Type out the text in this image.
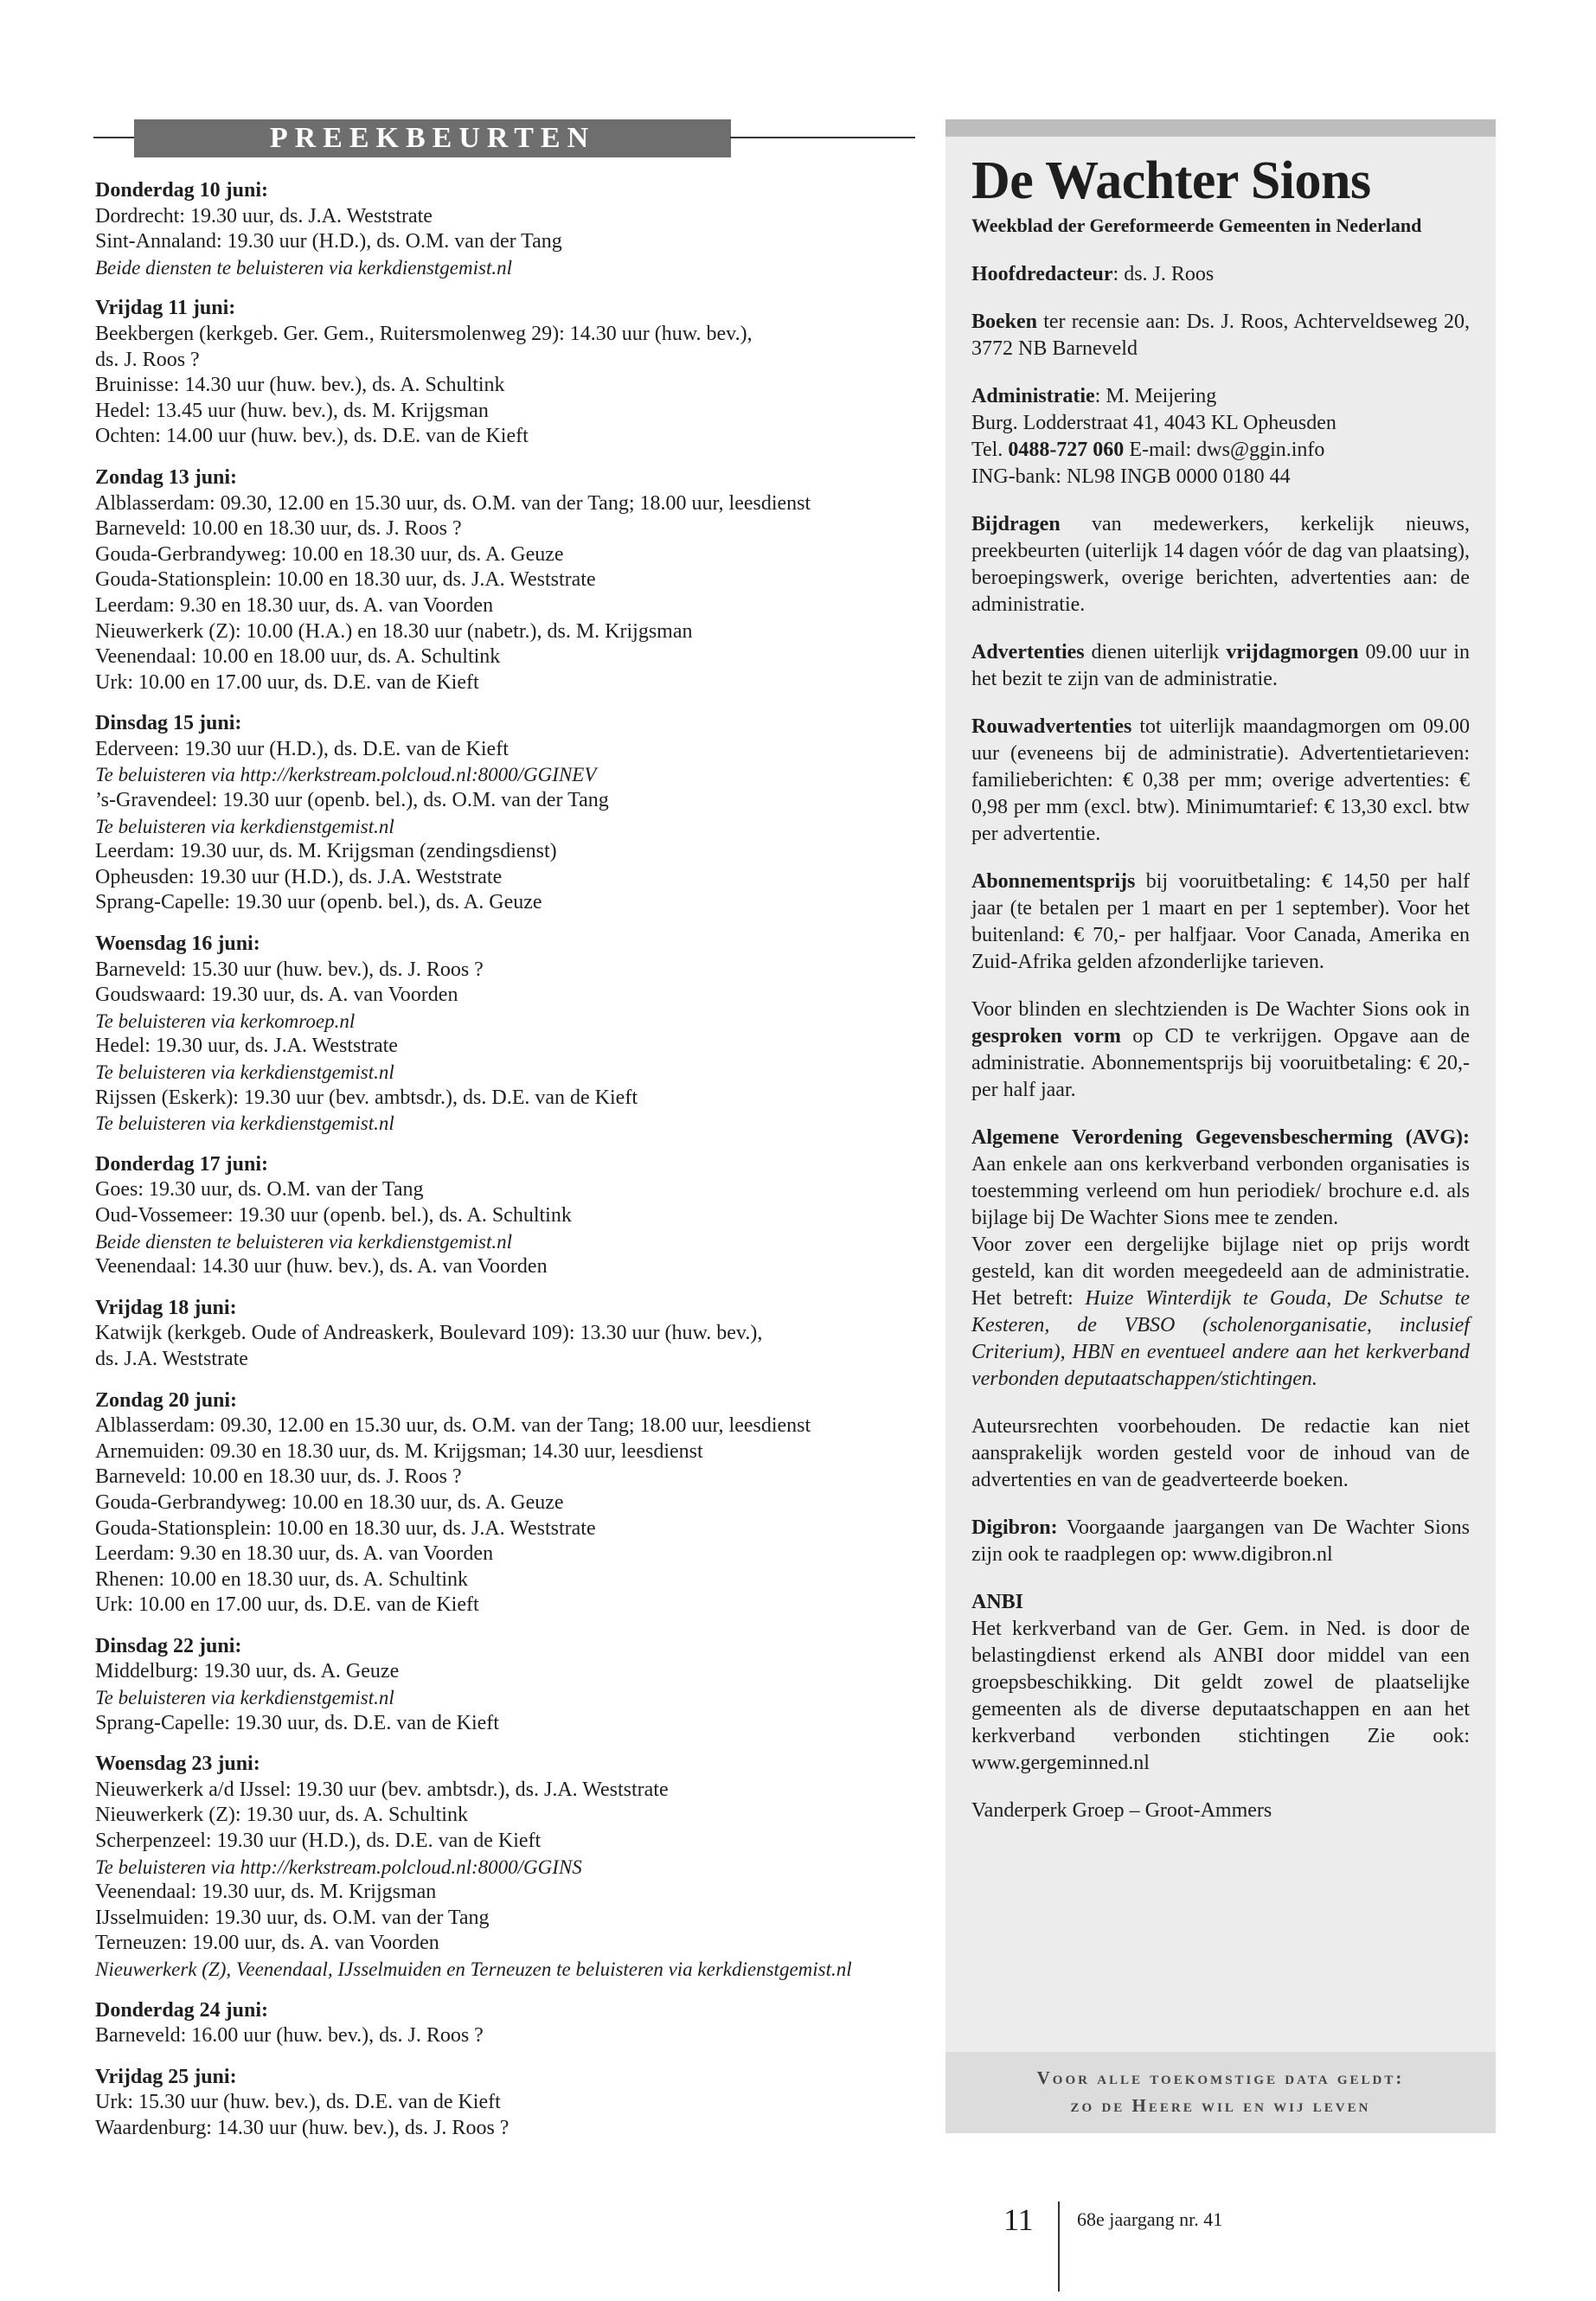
PREEKBEURTEN
Donderdag 10 juni:
Dordrecht: 19.30 uur, ds. J.A. Weststrate
Sint-Annaland: 19.30 uur (H.D.), ds. O.M. van der Tang
Beide diensten te beluisteren via kerkdienstgemist.nl
Vrijdag 11 juni:
Beekbergen (kerkgeb. Ger. Gem., Ruitersmolenweg 29): 14.30 uur (huw. bev.),
ds. J. Roos ?
Bruinisse: 14.30 uur (huw. bev.), ds. A. Schultink
Hedel: 13.45 uur (huw. bev.), ds. M. Krijgsman
Ochten: 14.00 uur (huw. bev.), ds. D.E. van de Kieft
Zondag 13 juni:
Alblasserdam: 09.30, 12.00 en 15.30 uur, ds. O.M. van der Tang; 18.00 uur, leesdienst
Barneveld: 10.00 en 18.30 uur, ds. J. Roos ?
Gouda-Gerbrandyweg: 10.00 en 18.30 uur, ds. A. Geuze
Gouda-Stationsplein: 10.00 en 18.30 uur, ds. J.A. Weststrate
Leerdam: 9.30 en 18.30 uur, ds. A. van Voorden
Nieuwerkerk (Z): 10.00 (H.A.) en 18.30 uur (nabetr.), ds. M. Krijgsman
Veenendaal: 10.00 en 18.00 uur, ds. A. Schultink
Urk: 10.00 en 17.00 uur, ds. D.E. van de Kieft
Dinsdag 15 juni:
Ederveen: 19.30 uur (H.D.), ds. D.E. van de Kieft
Te beluisteren via http://kerkstream.polcloud.nl:8000/GGINEV
’s-Gravendeel: 19.30 uur (openb. bel.), ds. O.M. van der Tang
Te beluisteren via kerkdienstgemist.nl
Leerdam: 19.30 uur, ds. M. Krijgsman (zendingsdienst)
Opheusden: 19.30 uur (H.D.), ds. J.A. Weststrate
Sprang-Capelle: 19.30 uur (openb. bel.), ds. A. Geuze
Woensdag 16 juni:
Barneveld: 15.30 uur (huw. bev.), ds. J. Roos ?
Goudswaard: 19.30 uur, ds. A. van Voorden
Te beluisteren via kerkomroep.nl
Hedel: 19.30 uur, ds. J.A. Weststrate
Te beluisteren via kerkdienstgemist.nl
Rijssen (Eskerk): 19.30 uur (bev. ambtsdr.), ds. D.E. van de Kieft
Te beluisteren via kerkdienstgemist.nl
Donderdag 17 juni:
Goes: 19.30 uur, ds. O.M. van der Tang
Oud-Vossemeer: 19.30 uur (openb. bel.), ds. A. Schultink
Beide diensten te beluisteren via kerkdienstgemist.nl
Veenendaal: 14.30 uur (huw. bev.), ds. A. van Voorden
Vrijdag 18 juni:
Katwijk (kerkgeb. Oude of Andreaskerk, Boulevard 109): 13.30 uur (huw. bev.),
ds. J.A. Weststrate
Zondag 20 juni:
Alblasserdam: 09.30, 12.00 en 15.30 uur, ds. O.M. van der Tang; 18.00 uur, leesdienst
Arnemuiden: 09.30 en 18.30 uur, ds. M. Krijgsman; 14.30 uur, leesdienst
Barneveld: 10.00 en 18.30 uur, ds. J. Roos ?
Gouda-Gerbrandyweg: 10.00 en 18.30 uur, ds. A. Geuze
Gouda-Stationsplein: 10.00 en 18.30 uur, ds. J.A. Weststrate
Leerdam: 9.30 en 18.30 uur, ds. A. van Voorden
Rhenen: 10.00 en 18.30 uur, ds. A. Schultink
Urk: 10.00 en 17.00 uur, ds. D.E. van de Kieft
Dinsdag 22 juni:
Middelburg: 19.30 uur, ds. A. Geuze
Te beluisteren via kerkdienstgemist.nl
Sprang-Capelle: 19.30 uur, ds. D.E. van de Kieft
Woensdag 23 juni:
Nieuwerkerk a/d IJssel: 19.30 uur (bev. ambtsdr.), ds. J.A. Weststrate
Nieuwerkerk (Z): 19.30 uur, ds. A. Schultink
Scherpenzeel: 19.30 uur (H.D.), ds. D.E. van de Kieft
Te beluisteren via http://kerkstream.polcloud.nl:8000/GGINS
Veenendaal: 19.30 uur, ds. M. Krijgsman
IJsselmuiden: 19.30 uur, ds. O.M. van der Tang
Terneuzen: 19.00 uur, ds. A. van Voorden
Nieuwerkerk (Z), Veenendaal, IJsselmuiden en Terneuzen te beluisteren via kerkdienstgemist.nl
Donderdag 24 juni:
Barneveld: 16.00 uur (huw. bev.), ds. J. Roos ?
Vrijdag 25 juni:
Urk: 15.30 uur (huw. bev.), ds. D.E. van de Kieft
Waardenburg: 14.30 uur (huw. bev.), ds. J. Roos ?
De Wachter Sions
Weekblad der Gereformeerde Gemeenten in Nederland
Hoofdredacteur: ds. J. Roos
Boeken ter recensie aan: Ds. J. Roos, Achterveldseweg 20, 3772 NB Barneveld
Administratie: M. Meijering
Burg. Lodderstraat 41, 4043 KL Opheusden
Tel. 0488-727 060 E-mail: dws@ggin.info
ING-bank: NL98 INGB 0000 0180 44
Bijdragen van medewerkers, kerkelijk nieuws, preekbeurten (uiterlijk 14 dagen vóór de dag van plaatsing), beroepingswerk, overige berichten, advertenties aan: de administratie.
Advertenties dienen uiterlijk vrijdagmorgen 09.00 uur in het bezit te zijn van de administratie.
Rouwadvertenties tot uiterlijk maandagmorgen om 09.00 uur (eveneens bij de administratie). Advertentietarieven: familieberichten: € 0,38 per mm; overige advertenties: € 0,98 per mm (excl. btw). Minimumtarief: € 13,30 excl. btw per advertentie.
Abonnementsprijs bij vooruitbetaling: € 14,50 per half jaar (te betalen per 1 maart en per 1 september). Voor het buitenland: € 70,- per halfjaar. Voor Canada, Amerika en Zuid-Afrika gelden afzonderlijke tarieven.
Voor blinden en slechtzienden is De Wachter Sions ook in gesproken vorm op CD te verkrijgen. Opgave aan de administratie. Abonnementsprijs bij vooruitbetaling: € 20,- per half jaar.
Algemene Verordening Gegevensbescherming (AVG): Aan enkele aan ons kerkverband verbonden organisaties is toestemming verleend om hun periodiek/ brochure e.d. als bijlage bij De Wachter Sions mee te zenden.
Voor zover een dergelijke bijlage niet op prijs wordt gesteld, kan dit worden meegedeeld aan de administratie. Het betreft: Huize Winterdijk te Gouda, De Schutse te Kesteren, de VBSO (scholenorganisatie, inclusief Criterium), HBN en eventueel andere aan het kerkverband verbonden deputaatschappen/stichtingen.
Auteursrechten voorbehouden. De redactie kan niet aansprakelijk worden gesteld voor de inhoud van de advertenties en van de geadverteerde boeken.
Digibron: Voorgaande jaargangen van De Wachter Sions zijn ook te raadplegen op: www.digibron.nl
ANBI
Het kerkverband van de Ger. Gem. in Ned. is door de belastingdienst erkend als ANBI door middel van een groepsbeschikking. Dit geldt zowel de plaatselijke gemeenten als de diverse deputaatschappen en aan het kerkverband verbonden stichtingen Zie ook: www.gergeminned.nl
Vanderperk Groep – Groot-Ammers
Voor alle toekomstige data geldt:
zo de Heere wil en wij leven
11 68e jaargang nr. 41
